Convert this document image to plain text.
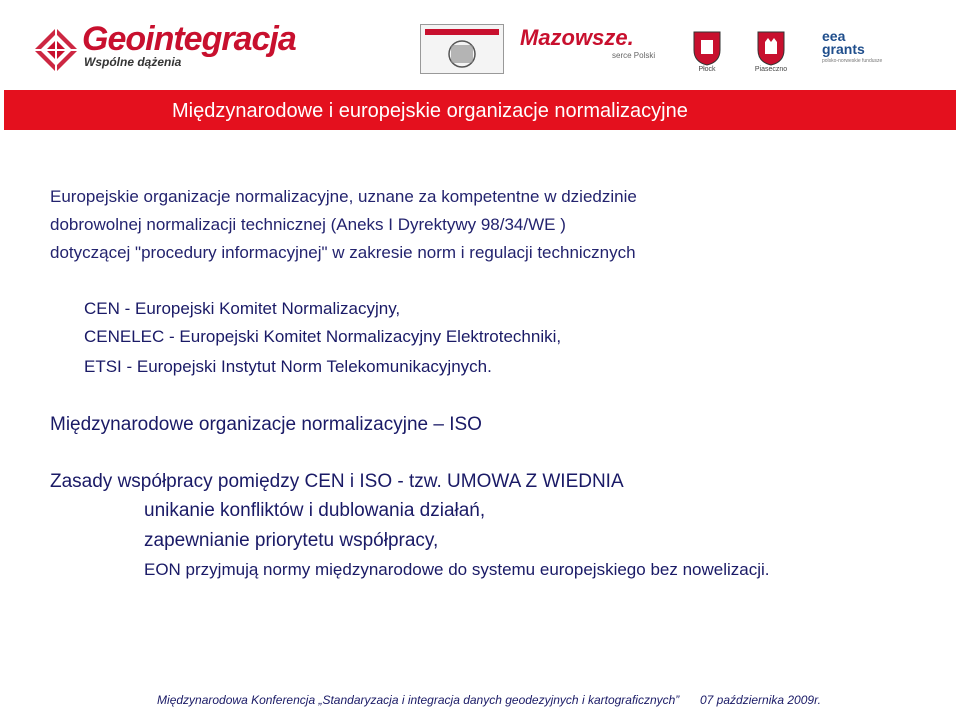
Geointegracja
Wspólne dążenia
Mazowsze.
serce Polski
Płock	Piaseczno
eea grants
polsko-norweskie fundusze
Międzynarodowe i europejskie organizacje normalizacyjne
Europejskie organizacje normalizacyjne, uznane za kompetentne w dziedzinie
dobrowolnej normalizacji technicznej (Aneks I Dyrektywy 98/34/WE )
dotyczącej "procedury informacyjnej" w zakresie norm i regulacji technicznych
CEN - Europejski Komitet Normalizacyjny,
CENELEC - Europejski Komitet Normalizacyjny Elektrotechniki,
ETSI - Europejski Instytut Norm Telekomunikacyjnych.
Międzynarodowe organizacje normalizacyjne – ISO
Zasady współpracy pomiędzy CEN i ISO - tzw. UMOWA Z WIEDNIA
unikanie konfliktów i dublowania działań,
zapewnianie priorytetu współpracy,
EON przyjmują normy międzynarodowe do systemu europejskiego bez nowelizacji.
Międzynarodowa Konferencja „Standaryzacja i integracja danych geodezyjnych i kartograficznych” 07 października 2009r.
